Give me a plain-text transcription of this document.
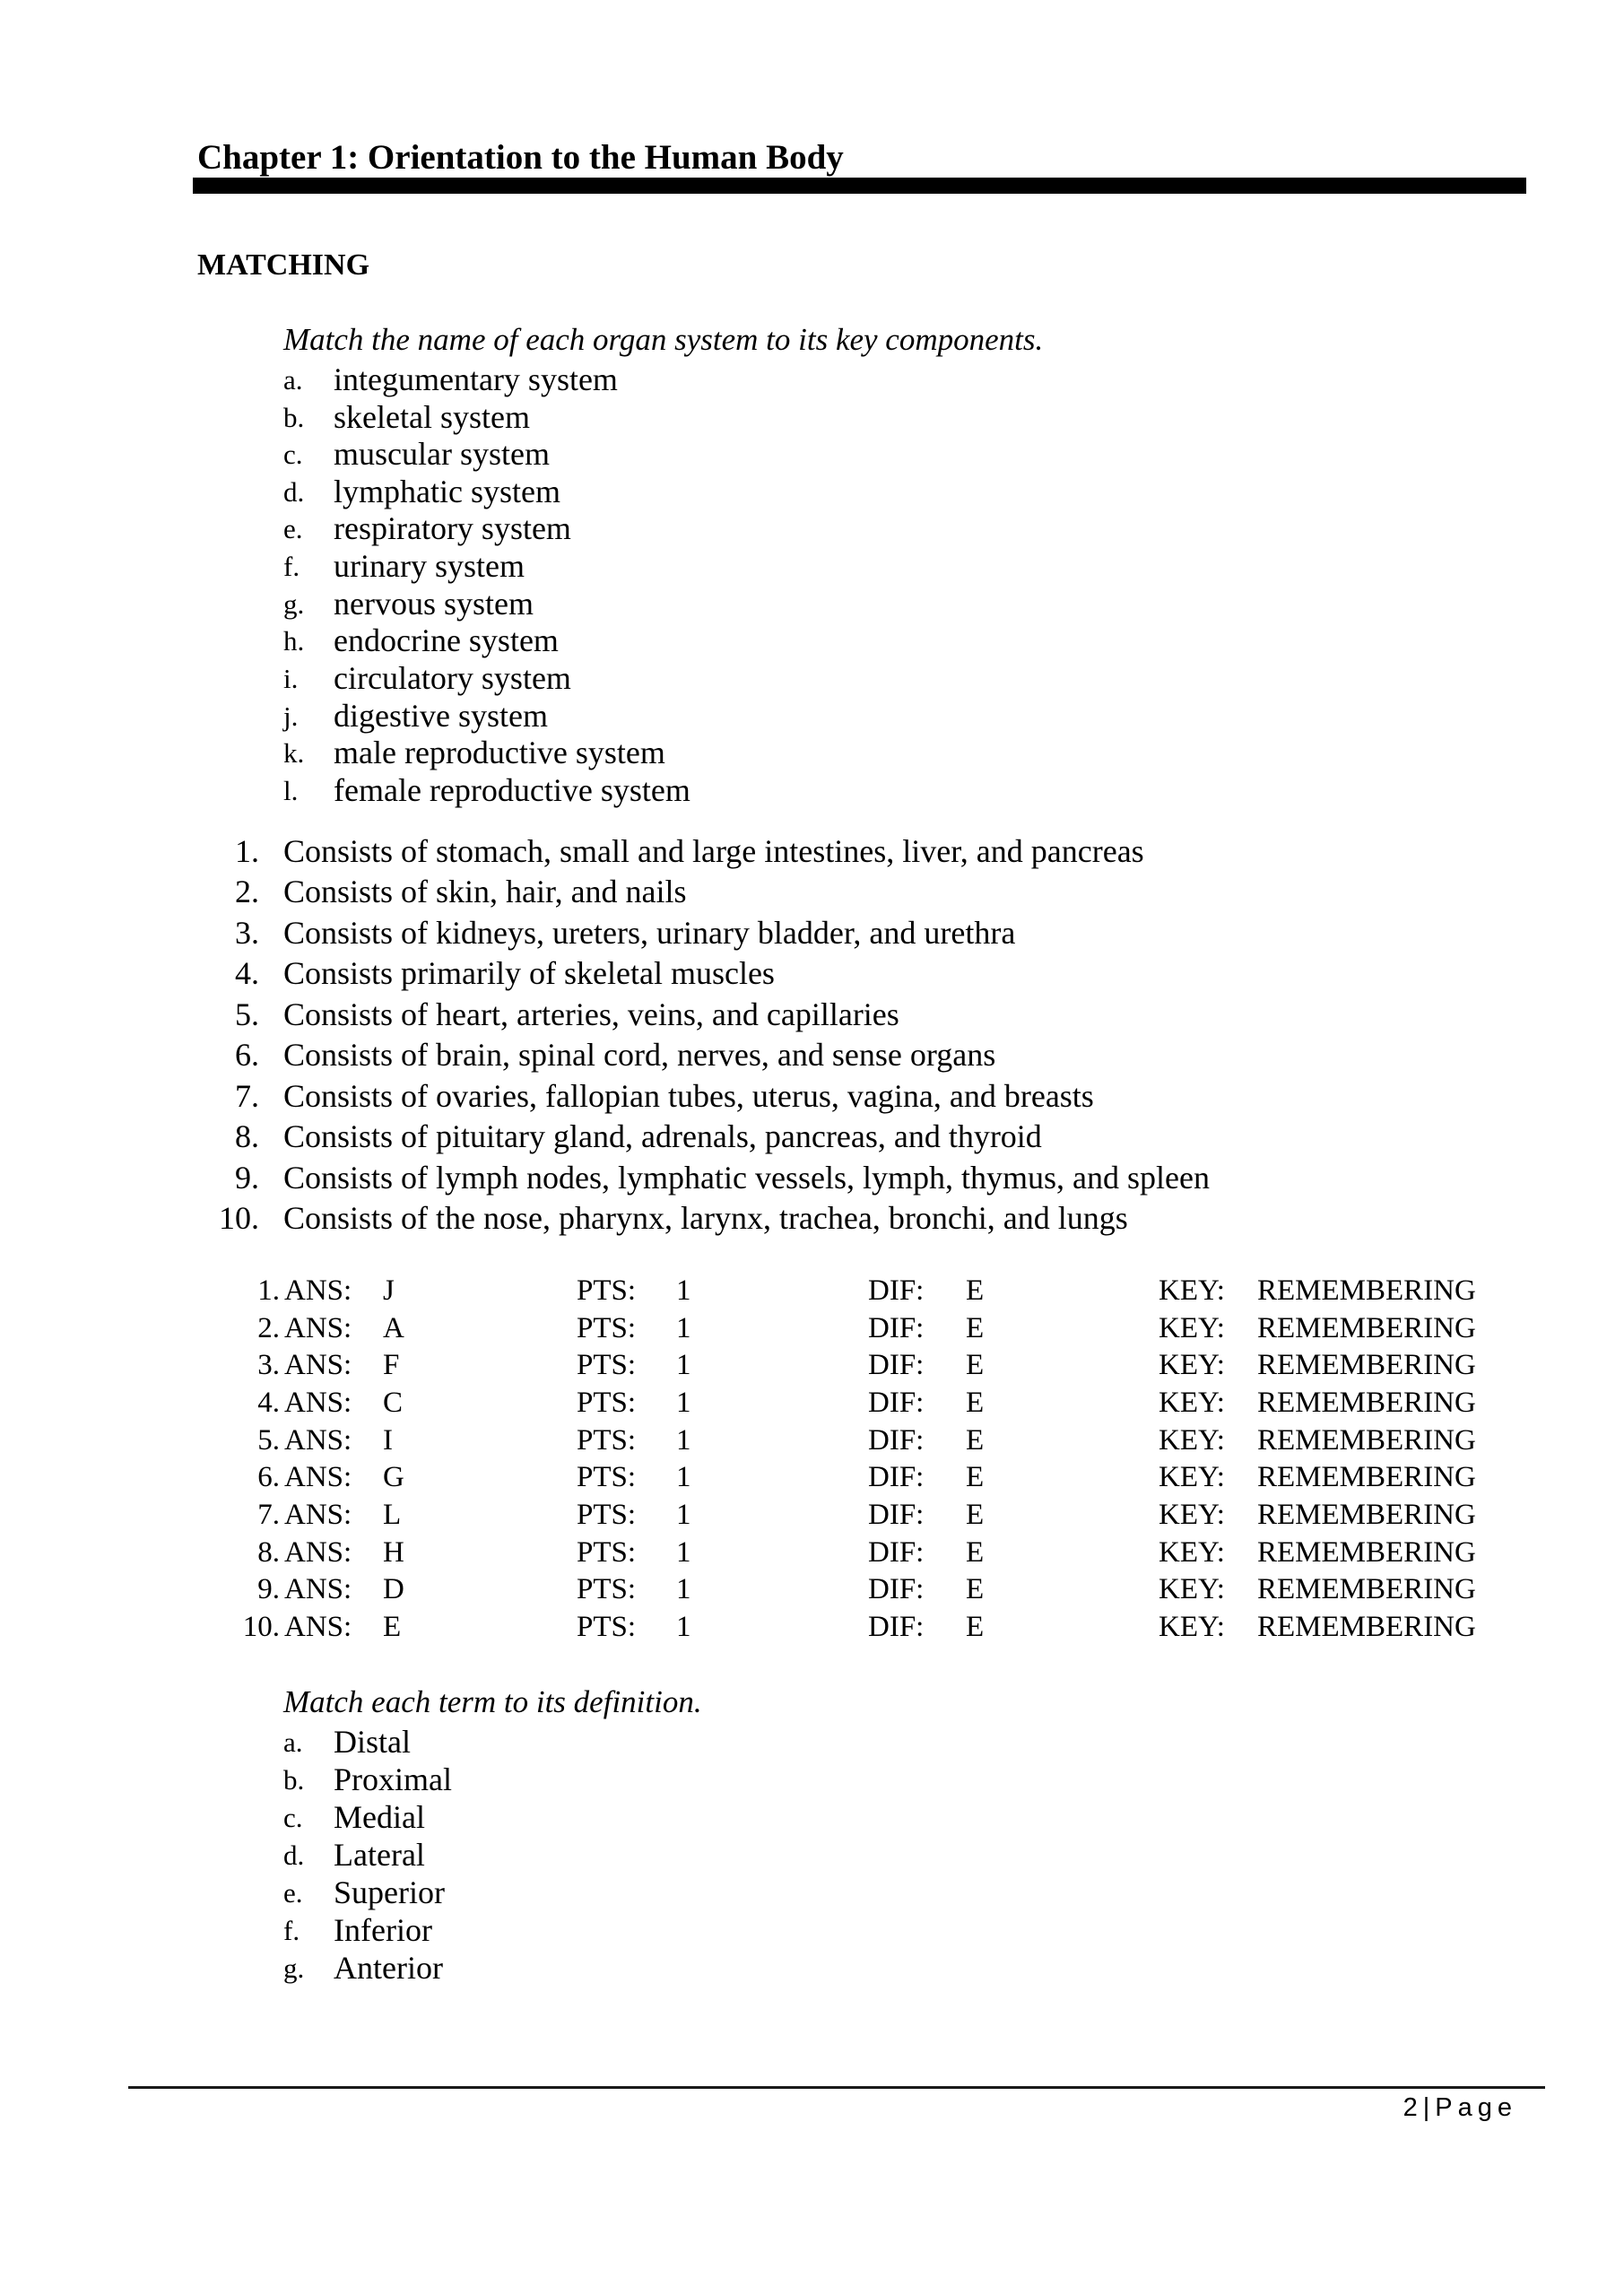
Chapter 1: Orientation to the Human Body
MATCHING
Match the name of each organ system to its key components.
a. integumentary system
b. skeletal system
c. muscular system
d. lymphatic system
e. respiratory system
f. urinary system
g. nervous system
h. endocrine system
i. circulatory system
j. digestive system
k. male reproductive system
l. female reproductive system
1. Consists of stomach, small and large intestines, liver, and pancreas
2. Consists of skin, hair, and nails
3. Consists of kidneys, ureters, urinary bladder, and urethra
4. Consists primarily of skeletal muscles
5. Consists of heart, arteries, veins, and capillaries
6. Consists of brain, spinal cord, nerves, and sense organs
7. Consists of ovaries, fallopian tubes, uterus, vagina, and breasts
8. Consists of pituitary gland, adrenals, pancreas, and thyroid
9. Consists of lymph nodes, lymphatic vessels, lymph, thymus, and spleen
10. Consists of the nose, pharynx, larynx, trachea, bronchi, and lungs
1. ANS: J	PTS: 1	DIF: E	KEY: REMEMBERING
2. ANS: A	PTS: 1	DIF: E	KEY: REMEMBERING
3. ANS: F	PTS: 1	DIF: E	KEY: REMEMBERING
4. ANS: C	PTS: 1	DIF: E	KEY: REMEMBERING
5. ANS: I	PTS: 1	DIF: E	KEY: REMEMBERING
6. ANS: G	PTS: 1	DIF: E	KEY: REMEMBERING
7. ANS: L	PTS: 1	DIF: E	KEY: REMEMBERING
8. ANS: H	PTS: 1	DIF: E	KEY: REMEMBERING
9. ANS: D	PTS: 1	DIF: E	KEY: REMEMBERING
10. ANS: E	PTS: 1	DIF: E	KEY: REMEMBERING
Match each term to its definition.
a. Distal
b. Proximal
c. Medial
d. Lateral
e. Superior
f. Inferior
g. Anterior
2|Page
